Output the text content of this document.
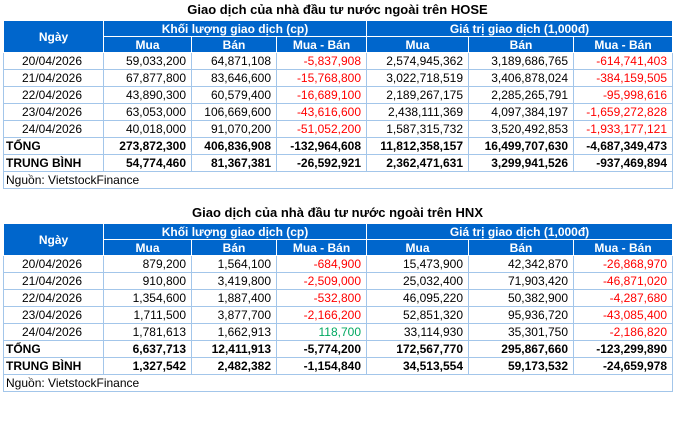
Giao dịch của nhà đầu tư nước ngoài trên HOSE
Ngày	Khối lượng giao dịch (cp)			Giá trị giao dịch (1,000đ)		
	Mua	Bán	Mua - Bán	Mua	Bán	Mua - Bán
20/04/2026	59,033,200	64,871,108	-5,837,908	2,574,945,362	3,189,686,765	-614,741,403
21/04/2026	67,877,800	83,646,600	-15,768,800	3,022,718,519	3,406,878,024	-384,159,505
22/04/2026	43,890,300	60,579,400	-16,689,100	2,189,267,175	2,285,265,791	-95,998,616
23/04/2026	63,053,000	106,669,600	-43,616,600	2,438,111,369	4,097,384,197	-1,659,272,828
24/04/2026	40,018,000	91,070,200	-51,052,200	1,587,315,732	3,520,492,853	-1,933,177,121
TỔNG	273,872,300	406,836,908	-132,964,608	11,812,358,157	16,499,707,630	-4,687,349,473
TRUNG BÌNH	54,774,460	81,367,381	-26,592,921	2,362,471,631	3,299,941,526	-937,469,894
Nguồn: VietstockFinance						
Giao dịch của nhà đầu tư nước ngoài trên HNX
Ngày	Khối lượng giao dịch (cp)			Giá trị giao dịch (1,000đ)		
	Mua	Bán	Mua - Bán	Mua	Bán	Mua - Bán
20/04/2026	879,200	1,564,100	-684,900	15,473,900	42,342,870	-26,868,970
21/04/2026	910,800	3,419,800	-2,509,000	25,032,400	71,903,420	-46,871,020
22/04/2026	1,354,600	1,887,400	-532,800	46,095,220	50,382,900	-4,287,680
23/04/2026	1,711,500	3,877,700	-2,166,200	52,851,320	95,936,720	-43,085,400
24/04/2026	1,781,613	1,662,913	118,700	33,114,930	35,301,750	-2,186,820
TỔNG	6,637,713	12,411,913	-5,774,200	172,567,770	295,867,660	-123,299,890
TRUNG BÌNH	1,327,542	2,482,382	-1,154,840	34,513,554	59,173,532	-24,659,978
Nguồn: VietstockFinance						
